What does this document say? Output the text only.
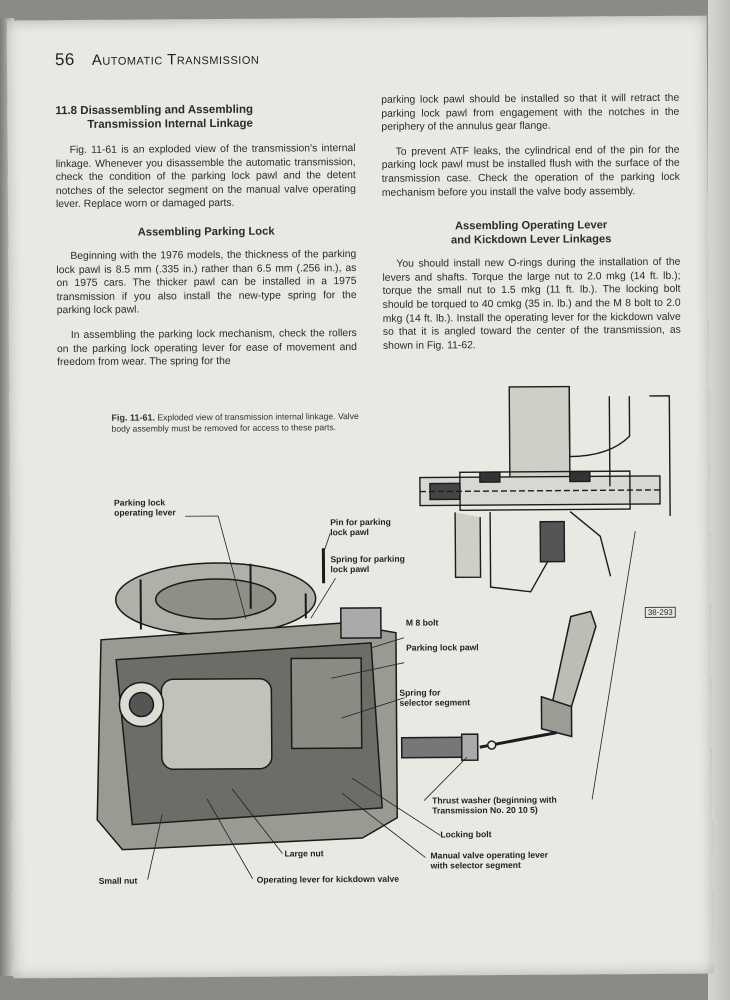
56 Automatic Transmission
11.8 Disassembling and Assembling
Transmission Internal Linkage

Fig. 11-61 is an exploded view of the transmission's internal linkage. Whenever you disassemble the automatic transmission, check the condition of the parking lock pawl and the detent notches of the selector segment on the manual valve operating lever. Replace worn or damaged parts.

Assembling Parking Lock

Beginning with the 1976 models, the thickness of the parking lock pawl is 8.5 mm (.335 in.) rather than 6.5 mm (.256 in.), as on 1975 cars. The thicker pawl can be installed in a 1975 transmission if you also install the new-type spring for the parking lock pawl.

In assembling the parking lock mechanism, check the rollers on the parking lock operating lever for ease of movement and freedom from wear. The spring for the

parking lock pawl should be installed so that it will retract the parking lock pawl from engagement with the notches in the periphery of the annulus gear flange.

To prevent ATF leaks, the cylindrical end of the pin for the parking lock pawl must be installed flush with the surface of the transmission case. Check the operation of the parking lock mechanism before you install the valve body assembly.

Assembling Operating Lever
and Kickdown Lever Linkages

You should install new O-rings during the installation of the levers and shafts. Torque the large nut to 2.0 mkg (14 ft. lb.); torque the small nut to 1.5 mkg (11 ft. lb.). The locking bolt should be torqued to 40 cmkg (35 in. lb.) and the M 8 bolt to 2.0 mkg (14 ft. lb.). Install the operating lever for the kickdown valve so that it is angled toward the center of the transmission, as shown in Fig. 11-62.

Fig. 11-61. Exploded view of transmission internal linkage. Valve body assembly must be removed for access to these parts.
38-293
Parking lock
operating lever
Pin for parking
lock pawl
Spring for parking
lock pawl
M 8 bolt
Parking lock pawl
Spring for
selector segment
Thrust washer (beginning with
Transmission No. 20 10 5)
Locking bolt
Manual valve operating lever
with selector segment
Large nut
Small nut	Operating lever for kickdown valve
